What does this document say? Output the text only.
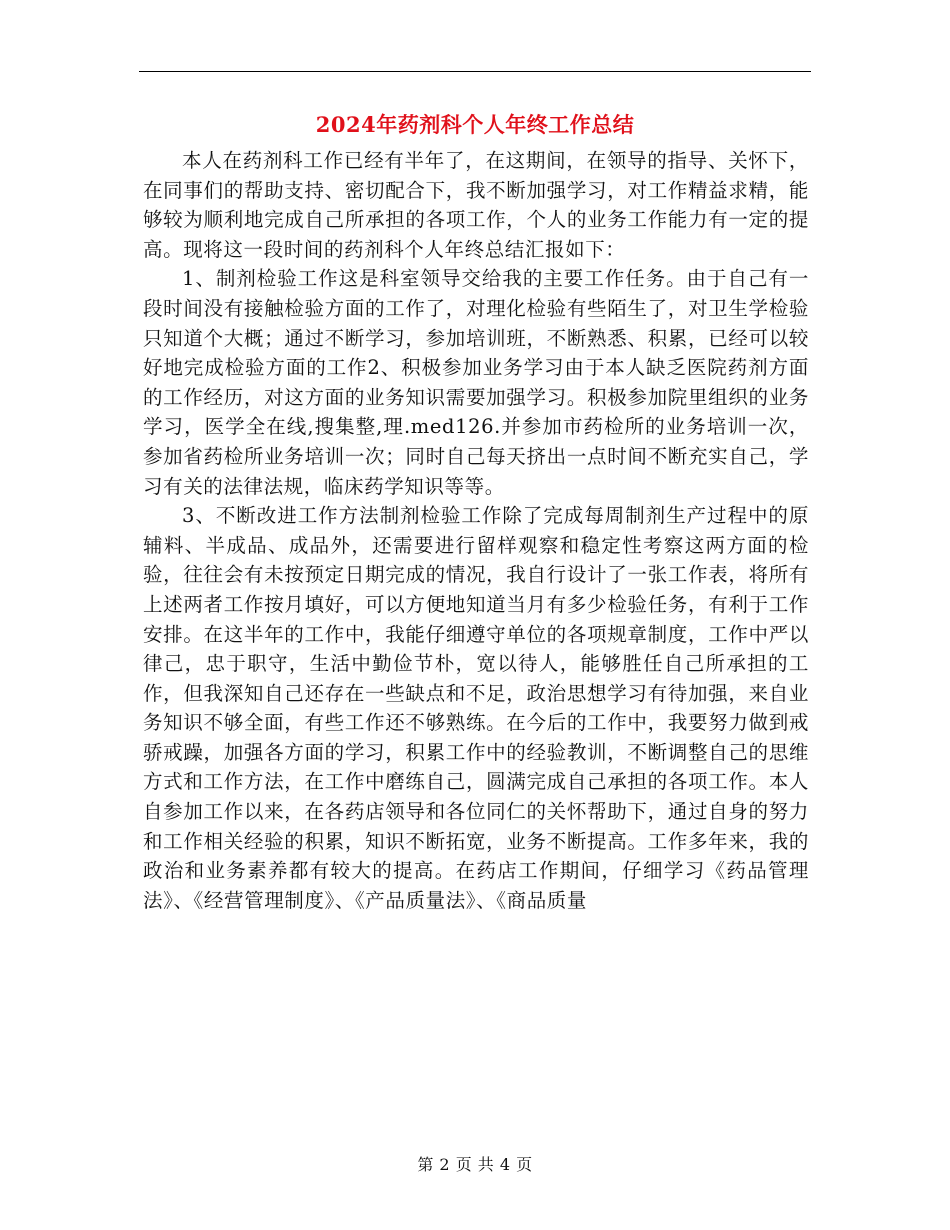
2024年药剂科个人年终工作总结

本人在药剂科工作已经有半年了，在这期间，在领导的指导、关怀下，在同事们的帮助支持、密切配合下，我不断加强学习，对工作精益求精，能够较为顺利地完成自己所承担的各项工作，个人的业务工作能力有一定的提高。现将这一段时间的药剂科个人年终总结汇报如下：

1、制剂检验工作这是科室领导交给我的主要工作任务。由于自己有一段时间没有接触检验方面的工作了，对理化检验有些陌生了，对卫生学检验只知道个大概；通过不断学习，参加培训班，不断熟悉、积累，已经可以较好地完成检验方面的工作2、积极参加业务学习由于本人缺乏医院药剂方面的工作经历，对这方面的业务知识需要加强学习。积极参加院里组织的业务学习，医学全在线,搜集整,理.med126.并参加市药检所的业务培训一次，参加省药检所业务培训一次；同时自己每天挤出一点时间不断充实自己，学习有关的法律法规，临床药学知识等等。

3、不断改进工作方法制剂检验工作除了完成每周制剂生产过程中的原辅料、半成品、成品外，还需要进行留样观察和稳定性考察这两方面的检验，往往会有未按预定日期完成的情况，我自行设计了一张工作表，将所有上述两者工作按月填好，可以方便地知道当月有多少检验任务，有利于工作安排。在这半年的工作中，我能仔细遵守单位的各项规章制度，工作中严以律己，忠于职守，生活中勤俭节朴，宽以待人，能够胜任自己所承担的工作，但我深知自己还存在一些缺点和不足，政治思想学习有待加强，来自业务知识不够全面，有些工作还不够熟练。在今后的工作中，我要努力做到戒骄戒躁，加强各方面的学习，积累工作中的经验教训，不断调整自己的思维方式和工作方法，在工作中磨练自己，圆满完成自己承担的各项工作。本人自参加工作以来，在各药店领导和各位同仁的关怀帮助下，通过自身的努力和工作相关经验的积累，知识不断拓宽，业务不断提高。工作多年来，我的政治和业务素养都有较大的提高。在药店工作期间，仔细学习《药品管理法》、《经营管理制度》、《产品质量法》、《商品质量

第 2 页 共 4 页
